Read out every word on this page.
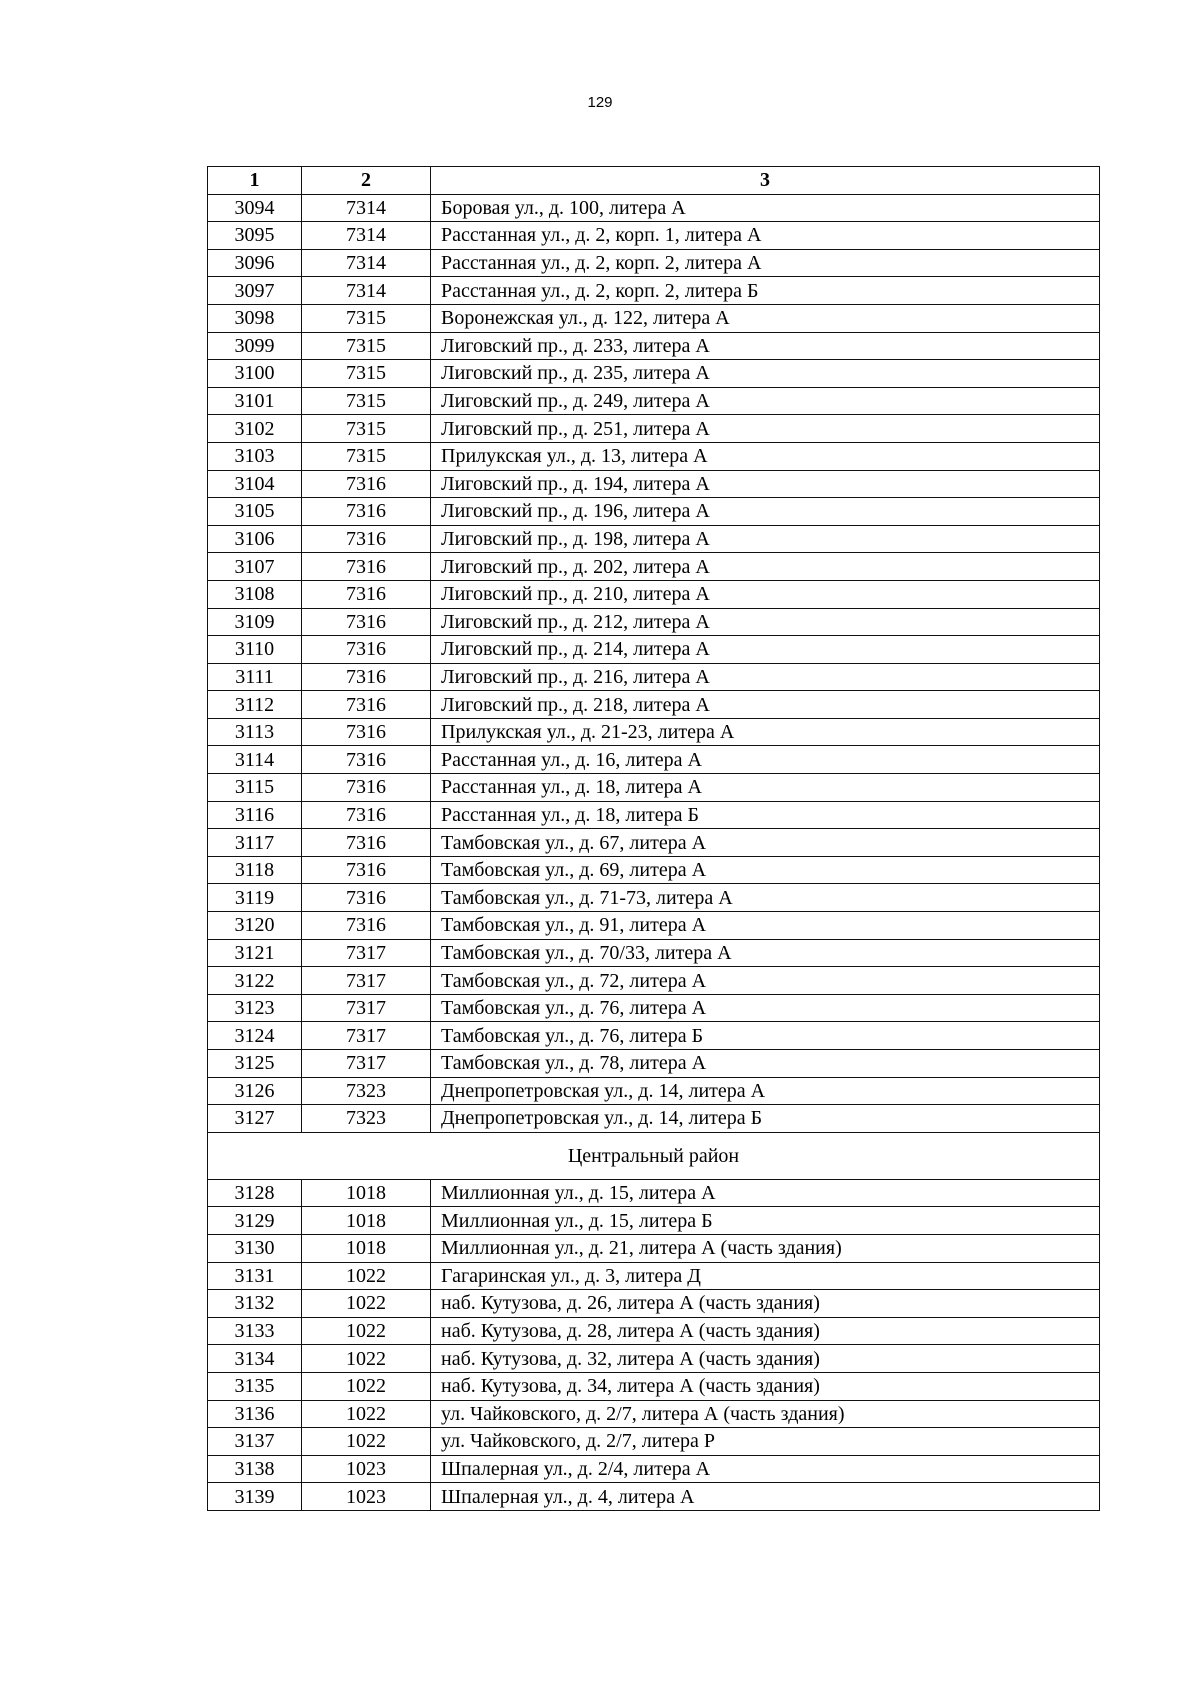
129
1	2	3
3094	7314	Боровая ул., д. 100, литера А
3095	7314	Расстанная ул., д. 2, корп. 1, литера А
3096	7314	Расстанная ул., д. 2, корп. 2, литера А
3097	7314	Расстанная ул., д. 2, корп. 2, литера Б
3098	7315	Воронежская ул., д. 122, литера А
3099	7315	Лиговский пр., д. 233, литера А
3100	7315	Лиговский пр., д. 235, литера А
3101	7315	Лиговский пр., д. 249, литера А
3102	7315	Лиговский пр., д. 251, литера А
3103	7315	Прилукская ул., д. 13, литера А
3104	7316	Лиговский пр., д. 194, литера А
3105	7316	Лиговский пр., д. 196, литера А
3106	7316	Лиговский пр., д. 198, литера А
3107	7316	Лиговский пр., д. 202, литера А
3108	7316	Лиговский пр., д. 210, литера А
3109	7316	Лиговский пр., д. 212, литера А
3110	7316	Лиговский пр., д. 214, литера А
3111	7316	Лиговский пр., д. 216, литера А
3112	7316	Лиговский пр., д. 218, литера А
3113	7316	Прилукская ул., д. 21-23, литера А
3114	7316	Расстанная ул., д. 16, литера А
3115	7316	Расстанная ул., д. 18, литера А
3116	7316	Расстанная ул., д. 18, литера Б
3117	7316	Тамбовская ул., д. 67, литера А
3118	7316	Тамбовская ул., д. 69, литера А
3119	7316	Тамбовская ул., д. 71-73, литера А
3120	7316	Тамбовская ул., д. 91, литера А
3121	7317	Тамбовская ул., д. 70/33, литера А
3122	7317	Тамбовская ул., д. 72, литера А
3123	7317	Тамбовская ул., д. 76, литера А
3124	7317	Тамбовская ул., д. 76, литера Б
3125	7317	Тамбовская ул., д. 78, литера А
3126	7323	Днепропетровская ул., д. 14, литера А
3127	7323	Днепропетровская ул., д. 14, литера Б
Центральный район		
3128	1018	Миллионная ул., д. 15, литера А
3129	1018	Миллионная ул., д. 15, литера Б
3130	1018	Миллионная ул., д. 21, литера А (часть здания)
3131	1022	Гагаринская ул., д. 3, литера Д
3132	1022	наб. Кутузова, д. 26, литера А (часть здания)
3133	1022	наб. Кутузова, д. 28, литера А (часть здания)
3134	1022	наб. Кутузова, д. 32, литера А (часть здания)
3135	1022	наб. Кутузова, д. 34, литера А (часть здания)
3136	1022	ул. Чайковского, д. 2/7, литера А (часть здания)
3137	1022	ул. Чайковского, д. 2/7, литера Р
3138	1023	Шпалерная ул., д. 2/4, литера А
3139	1023	Шпалерная ул., д. 4, литера А
